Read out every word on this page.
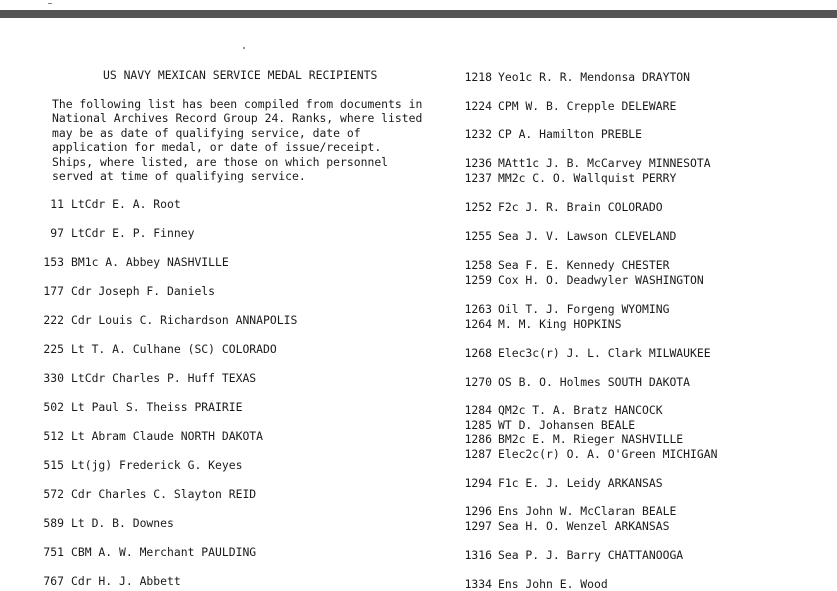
US NAVY MEXICAN SERVICE MEDAL RECIPIENTS
The following list has been compiled from documents in
National Archives Record Group 24. Ranks, where listed
may be as date of qualifying service, date of
application for medal, or date of issue/receipt.
Ships, where listed, are those on which personnel
served at time of qualifying service.
11 LtCdr E. A. Root
97 LtCdr E. P. Finney
153 BM1c A. Abbey NASHVILLE
177 Cdr Joseph F. Daniels
222 Cdr Louis C. Richardson ANNAPOLIS
225 Lt T. A. Culhane (SC) COLORADO
330 LtCdr Charles P. Huff TEXAS
502 Lt Paul S. Theiss PRAIRIE
512 Lt Abram Claude NORTH DAKOTA
515 Lt(jg) Frederick G. Keyes
572 Cdr Charles C. Slayton REID
589 Lt D. B. Downes
751 CBM A. W. Merchant PAULDING
767 Cdr H. J. Abbett
1218 Yeo1c R. R. Mendonsa DRAYTON
1224 CPM W. B. Crepple DELEWARE
1232 CP A. Hamilton PREBLE
1236 MAtt1c J. B. McCarvey MINNESOTA
1237 MM2c C. O. Wallquist PERRY
1252 F2c J. R. Brain COLORADO
1255 Sea J. V. Lawson CLEVELAND
1258 Sea F. E. Kennedy CHESTER
1259 Cox H. O. Deadwyler WASHINGTON
1263 Oil T. J. Forgeng WYOMING
1264 M. M. King HOPKINS
1268 Elec3c(r) J. L. Clark MILWAUKEE
1270 OS B. O. Holmes SOUTH DAKOTA
1284 QM2c T. A. Bratz HANCOCK
1285 WT D. Johansen BEALE
1286 BM2c E. M. Rieger NASHVILLE
1287 Elec2c(r) O. A. O'Green MICHIGAN
1294 F1c E. J. Leidy ARKANSAS
1296 Ens John W. McClaran BEALE
1297 Sea H. O. Wenzel ARKANSAS
1316 Sea P. J. Barry CHATTANOOGA
1334 Ens John E. Wood
